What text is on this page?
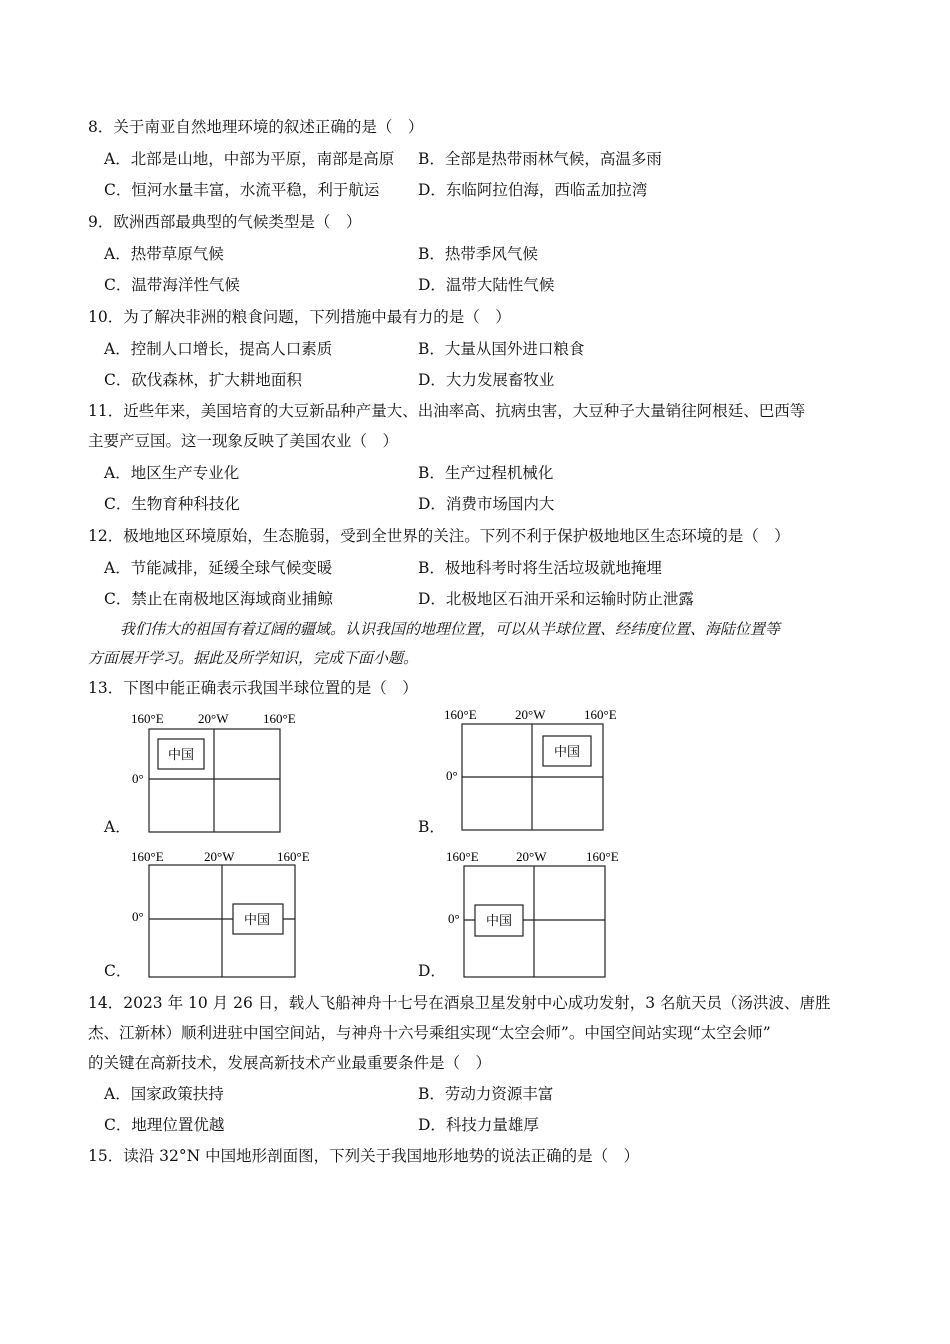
8．关于南亚自然地理环境的叙述正确的是（　）
A．北部是山地，中部为平原，南部是高原 B．全部是热带雨林气候，高温多雨
C．恒河水量丰富，水流平稳，利于航运 D．东临阿拉伯海，西临孟加拉湾
9．欧洲西部最典型的气候类型是（　）
A．热带草原气候	B．热带季风气候
C．温带海洋性气候	D．温带大陆性气候
10．为了解决非洲的粮食问题，下列措施中最有力的是（　）
A．控制人口增长，提高人口素质	B．大量从国外进口粮食
C．砍伐森林，扩大耕地面积	D．大力发展畜牧业
11．近些年来，美国培育的大豆新品种产量大、出油率高、抗病虫害，大豆种子大量销往阿根廷、巴西等
主要产豆国。这一现象反映了美国农业（　）
A．地区生产专业化	B．生产过程机械化
C．生物育种科技化	D．消费市场国内大
12．极地地区环境原始，生态脆弱，受到全世界的关注。下列不利于保护极地地区生态环境的是（　）
A．节能减排，延缓全球气候变暖	B．极地科考时将生活垃圾就地掩埋
C．禁止在南极地区海域商业捕鲸	D．北极地区石油开采和运输时防止泄露
我们伟大的祖国有着辽阔的疆域。认识我国的地理位置，可以从半球位置、经纬度位置、海陆位置等
方面展开学习。据此及所学知识，完成下面小题。
13．下图中能正确表示我国半球位置的是（　）
A．
160°E	20°W	160°E
0°
中国
B．
160°E	20°W	160°E
0°
中国
C．
160°E	20°W	160°E
0°	中国
D．
160°E	20°W	160°E
0° 中国
14．2023 年 10 月 26 日，载人飞船神舟十七号在酒泉卫星发射中心成功发射，3 名航天员（汤洪波、唐胜
杰、江新林）顺利进驻中国空间站，与神舟十六号乘组实现“太空会师”。中国空间站实现“太空会师”
的关键在高新技术，发展高新技术产业最重要条件是（　）
A．国家政策扶持	B．劳动力资源丰富
C．地理位置优越	D．科技力量雄厚
15．读沿 32°N 中国地形剖面图，下列关于我国地形地势的说法正确的是（　）
